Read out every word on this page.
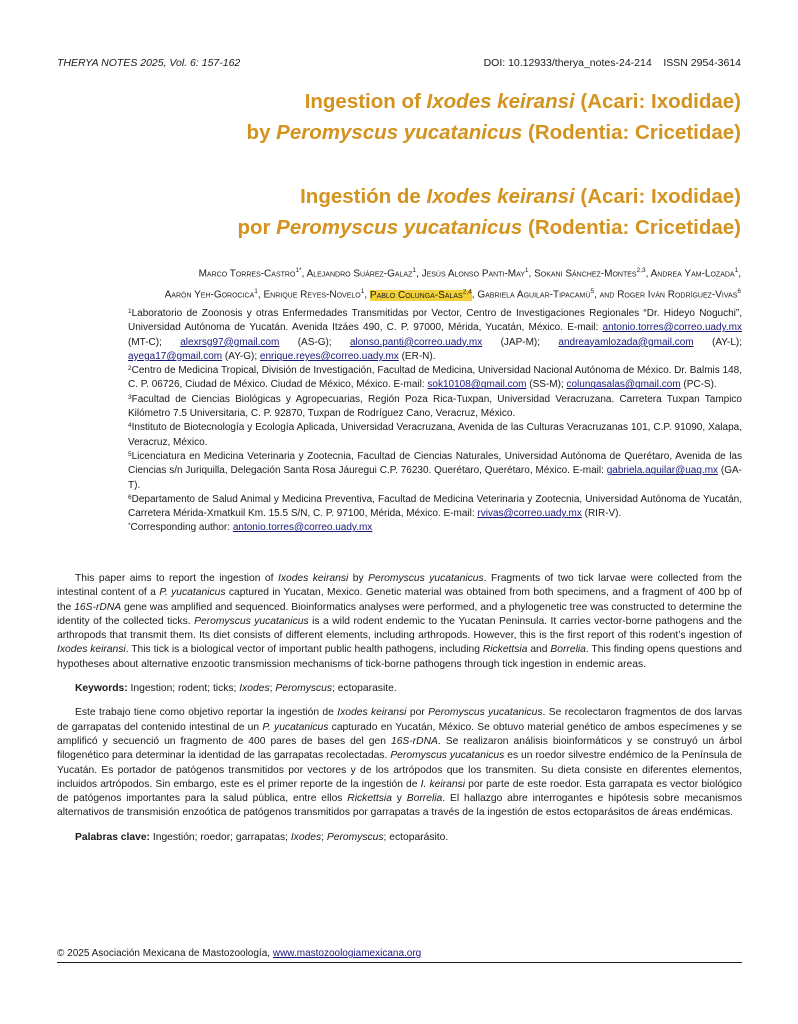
THERYA NOTES 2025, Vol. 6: 157-162	DOI: 10.12933/therya_notes-24-214 ISSN 2954-3614
Ingestion of Ixodes keiransi (Acari: Ixodidae)
by Peromyscus yucatanicus (Rodentia: Cricetidae)
Ingestión de Ixodes keiransi (Acari: Ixodidae)
por Peromyscus yucatanicus (Rodentia: Cricetidae)
Marco Torres-Castro$^{1*}$, Alejandro Suárez-Galaz$^1$, Jesús Alonso Panti-May$^1$, Sokani Sánchez-Montes$^{2,3}$, Andrea Yam-Lozada$^1$,
Aarón Yeh-Gorocica$^1$, Enrique Reyes-Novelo$^1$, Pablo Colunga-Salas$^{2,4}$, Gabriela Aguilar-Tipacamú$^5$, and Roger Iván Rodríguez-Vivas$^6$
$^1$Laboratorio de Zoonosis y otras Enfermedades Transmitidas por Vector, Centro de Investigaciones Regionales “Dr. Hideyo Noguchi”, Universidad Autónoma de Yucatán. Avenida Itzáes 490, C. P. 97000, Mérida, Yucatán, México. E-mail: antonio.torres@correo.uady.mx (MT-C); alexrsg97@gmail.com (AS-G); alonso.panti@correo.uady.mx (JAP-M); andreayamlozada@gmail.com (AY-L); ayega17@gmail.com (AY-G); enrique.reyes@correo.uady.mx (ER-N).
$^2$Centro de Medicina Tropical, División de Investigación, Facultad de Medicina, Universidad Nacional Autónoma de México. Dr. Balmis 148, C. P. 06726, Ciudad de México. Ciudad de México, México. E-mail: sok10108@gmail.com (SS-M); colungasalas@gmail.com (PC-S).
$^3$Facultad de Ciencias Biológicas y Agropecuarias, Región Poza Rica-Tuxpan, Universidad Veracruzana. Carretera Tuxpan Tampico Kilómetro 7.5 Universitaria, C. P. 92870, Tuxpan de Rodríguez Cano, Veracruz, México.
$^4$Instituto de Biotecnología y Ecología Aplicada, Universidad Veracruzana, Avenida de las Culturas Veracruzanas 101, C.P. 91090, Xalapa, Veracruz, México.
$^5$Licenciatura en Medicina Veterinaria y Zootecnia, Facultad de Ciencias Naturales, Universidad Autónoma de Querétaro, Avenida de las Ciencias s/n Juriquilla, Delegación Santa Rosa Jáuregui C.P. 76230. Querétaro, Querétaro, México. E-mail: gabriela.aguilar@uaq.mx (GA-T).
$^6$Departamento de Salud Animal y Medicina Preventiva, Facultad de Medicina Veterinaria y Zootecnia, Universidad Autónoma de Yucatán, Carretera Mérida-Xmatkuil Km. 15.5 S/N, C. P. 97100, Mérida, México. E-mail: rvivas@correo.uady.mx (RIR-V).
*Corresponding author: antonio.torres@correo.uady.mx

This paper aims to report the ingestion of Ixodes keiransi by Peromyscus yucatanicus. Fragments of two tick larvae were collected from the intestinal content of a P. yucatanicus captured in Yucatan, Mexico. Genetic material was obtained from both specimens, and a fragment of 400 bp of the 16S-rDNA gene was amplified and sequenced. Bioinformatics analyses were performed, and a phylogenetic tree was constructed to determine the identity of the collected ticks. Peromyscus yucatanicus is a wild rodent endemic to the Yucatan Peninsula. It carries vector-borne pathogens and the arthropods that transmit them. Its diet consists of different elements, including arthropods. However, this is the first report of this rodent’s ingestion of Ixodes keiransi. This tick is a biological vector of important public health pathogens, including Rickettsia and Borrelia. This finding opens questions and hypotheses about alternative enzootic transmission mechanisms of tick-borne pathogens through tick ingestion in endemic areas.

Keywords: Ingestion; rodent; ticks; Ixodes; Peromyscus; ectoparasite.

Este trabajo tiene como objetivo reportar la ingestión de Ixodes keiransi por Peromyscus yucatanicus. Se recolectaron fragmentos de dos larvas de garrapatas del contenido intestinal de un P. yucatanicus capturado en Yucatán, México. Se obtuvo material genético de ambos especímenes y se amplificó y secuenció un fragmento de 400 pares de bases del gen 16S-rDNA. Se realizaron análisis bioinformáticos y se construyó un árbol filogenético para determinar la identidad de las garrapatas recolectadas. Peromyscus yucatanicus es un roedor silvestre endémico de la Península de Yucatán. Es portador de patógenos transmitidos por vectores y de los artrópodos que los transmiten. Su dieta consiste en diferentes elementos, incluidos artrópodos. Sin embargo, este es el primer reporte de la ingestión de I. keiransi por parte de este roedor. Esta garrapata es vector biológico de patógenos importantes para la salud pública, entre ellos Rickettsia y Borrelia. El hallazgo abre interrogantes e hipótesis sobre mecanismos alternativos de transmisión enzoótica de patógenos transmitidos por garrapatas a través de la ingestión de estos ectoparásitos de áreas endémicas.

Palabras clave: Ingestión; roedor; garrapatas; Ixodes; Peromyscus; ectoparásito.

© 2025 Asociación Mexicana de Mastozoología, www.mastozoologiamexicana.org
